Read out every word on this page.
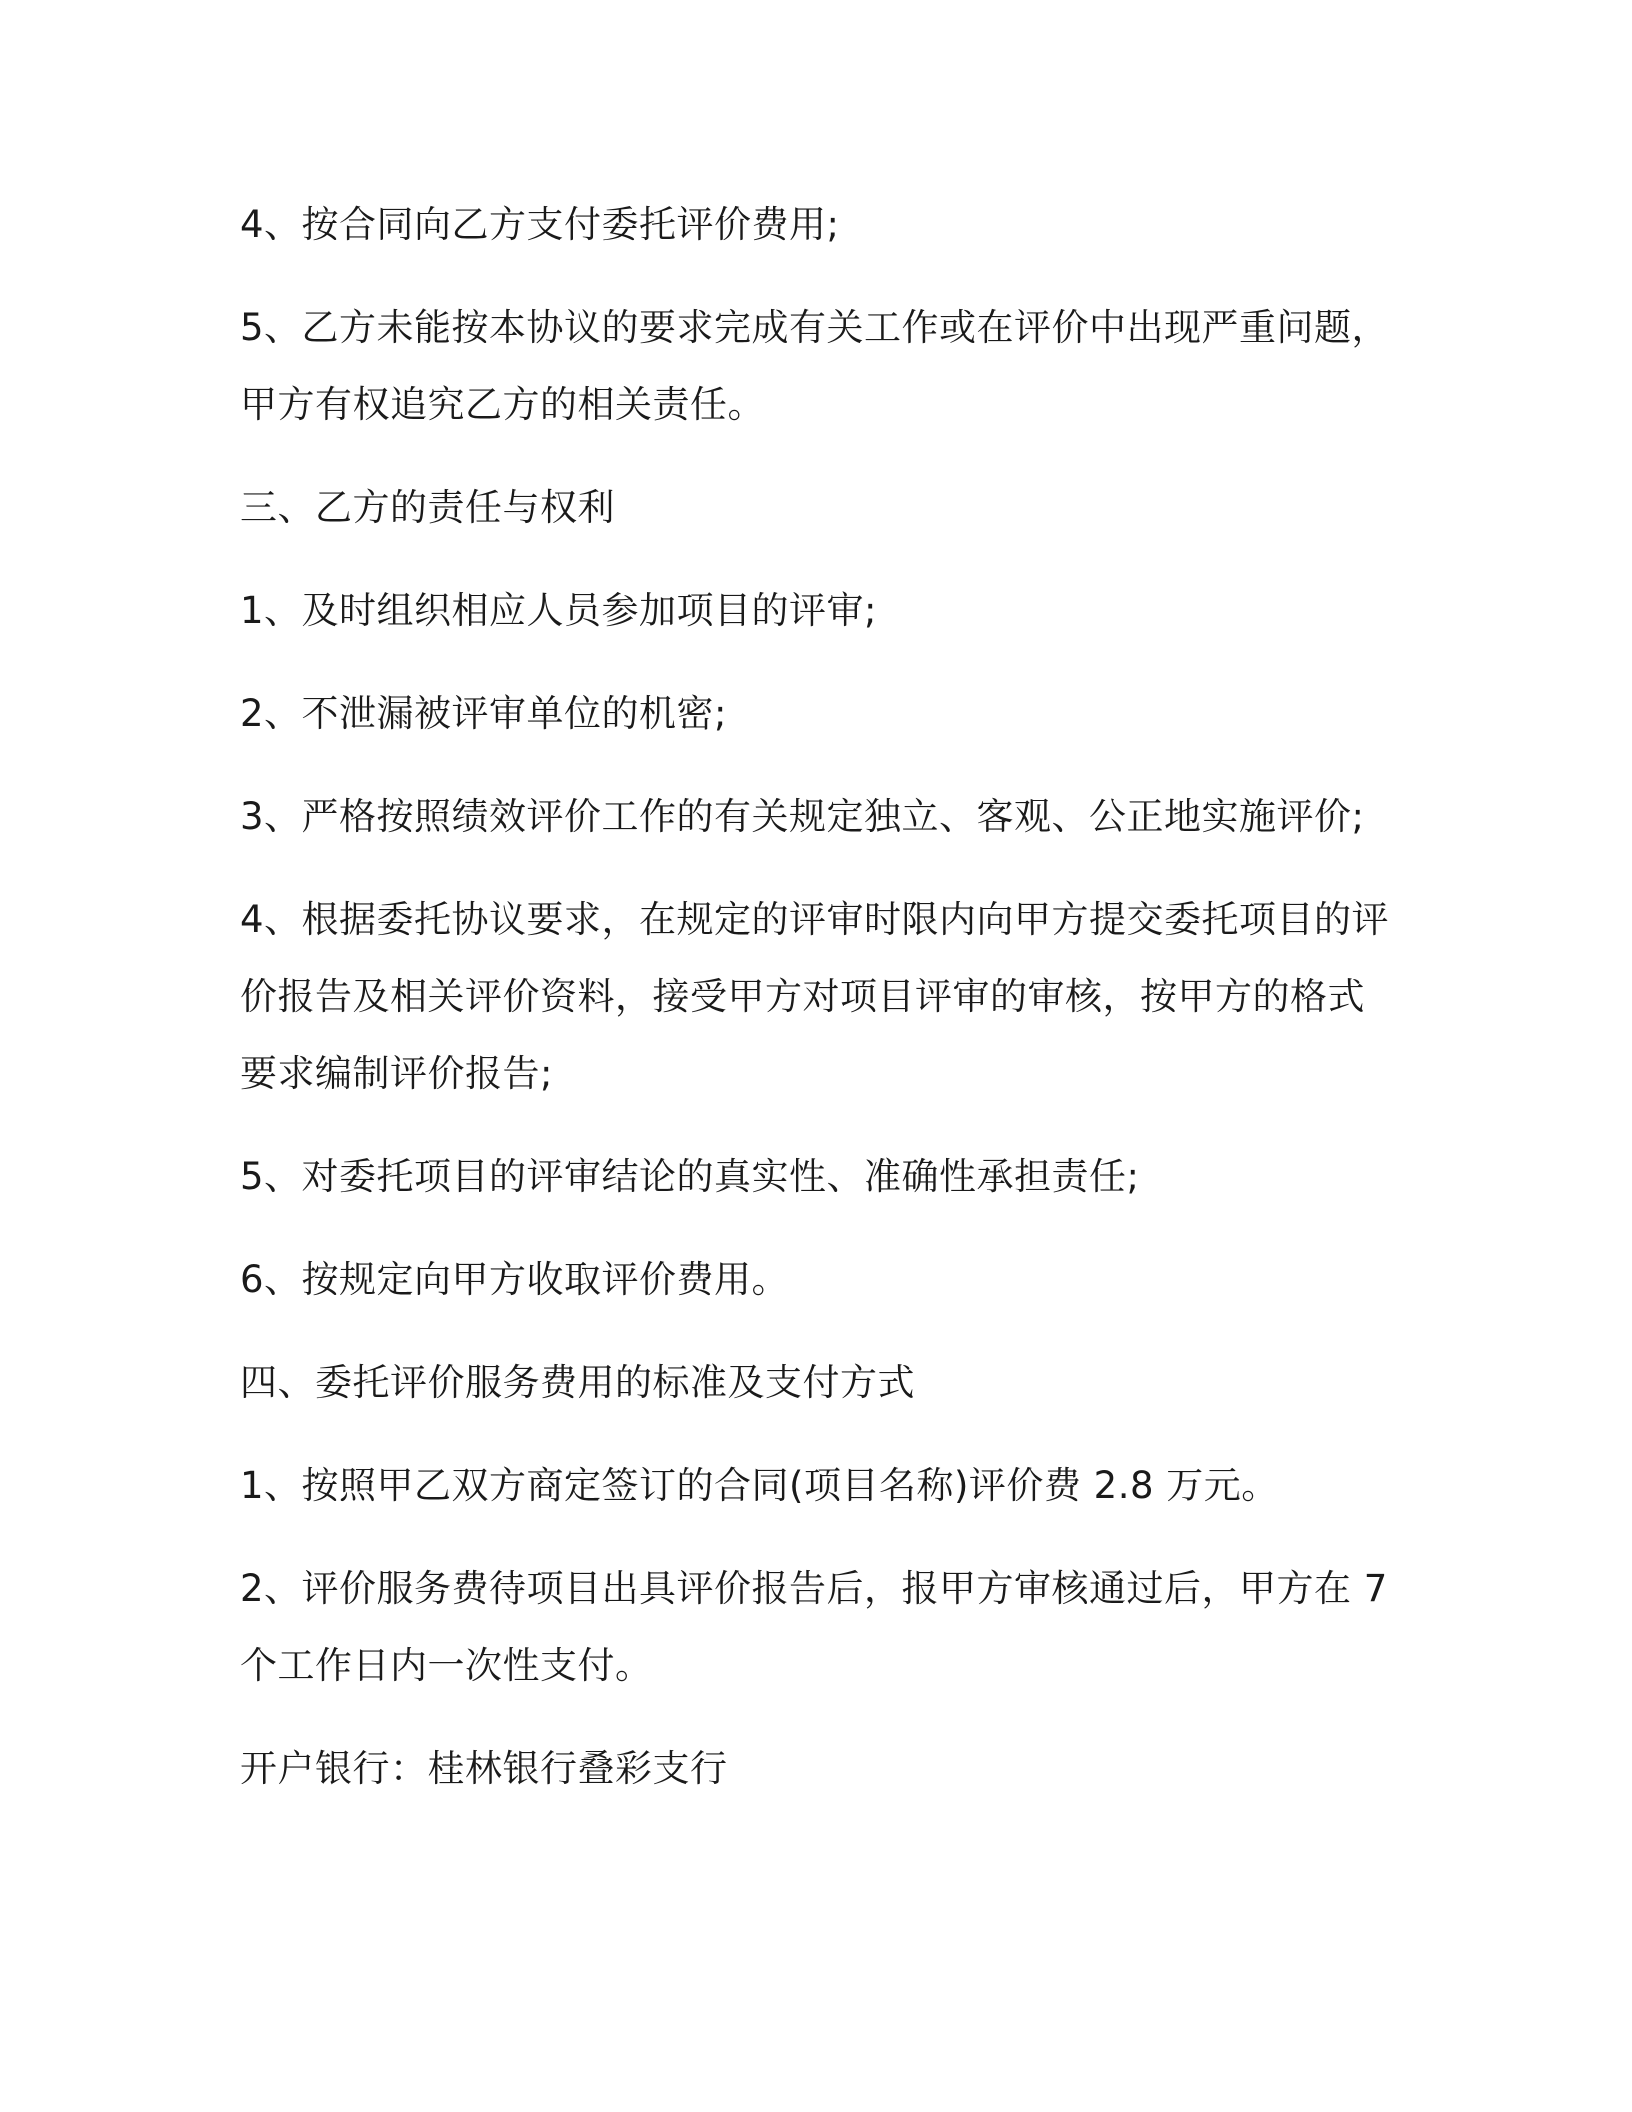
4、按合同向乙方支付委托评价费用;

5、乙方未能按本协议的要求完成有关工作或在评价中出现严重问题，
甲方有权追究乙方的相关责任。

三、乙方的责任与权利

1、及时组织相应人员参加项目的评审;

2、不泄漏被评审单位的机密;

3、严格按照绩效评价工作的有关规定独立、客观、公正地实施评价;

4、根据委托协议要求，在规定的评审时限内向甲方提交委托项目的评
价报告及相关评价资料，接受甲方对项目评审的审核，按甲方的格式
要求编制评价报告;

5、对委托项目的评审结论的真实性、准确性承担责任;

6、按规定向甲方收取评价费用。

四、委托评价服务费用的标准及支付方式

1、按照甲乙双方商定签订的合同(项目名称)评价费 2.8 万元。

2、评价服务费待项目出具评价报告后，报甲方审核通过后，甲方在 7
个工作日内一次性支付。

开户银行：桂林银行叠彩支行
